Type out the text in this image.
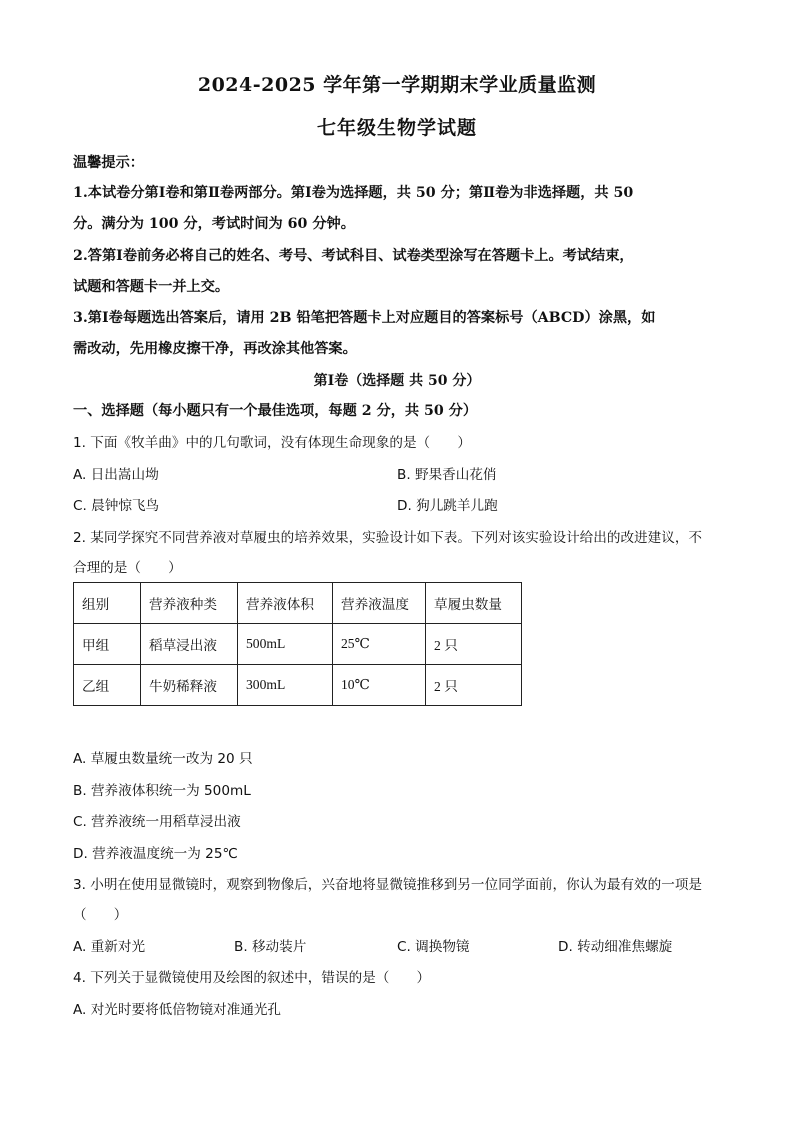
2024-2025 学年第一学期期末学业质量监测
七年级生物学试题
温馨提示：
1.本试卷分第Ⅰ卷和第Ⅱ卷两部分。第Ⅰ卷为选择题，共 50 分；第Ⅱ卷为非选择题，共 50
分。满分为 100 分，考试时间为 60 分钟。
2.答第Ⅰ卷前务必将自己的姓名、考号、考试科目、试卷类型涂写在答题卡上。考试结束，
试题和答题卡一并上交。
3.第Ⅰ卷每题选出答案后，请用 2B 铅笔把答题卡上对应题目的答案标号（ABCD）涂黑，如
需改动，先用橡皮擦干净，再改涂其他答案。
第Ⅰ卷（选择题 共 50 分）
一、选择题（每小题只有一个最佳选项，每题 2 分，共 50 分）
1. 下面《牧羊曲》中的几句歌词，没有体现生命现象的是（　　）
A. 日出嵩山坳	B. 野果香山花俏
C. 晨钟惊飞鸟	D. 狗儿跳羊儿跑
2. 某同学探究不同营养液对草履虫的培养效果，实验设计如下表。下列对该实验设计给出的改进建议，不
合理的是（　　）
组别	营养液种类	营养液体积	营养液温度	草履虫数量
甲组	稻草浸出液	500mL	25℃	2 只
乙组	牛奶稀释液	300mL	10℃	2 只
A. 草履虫数量统一改为 20 只
B. 营养液体积统一为 500mL
C. 营养液统一用稻草浸出液
D. 营养液温度统一为 25℃
3. 小明在使用显微镜时，观察到物像后，兴奋地将显微镜推移到另一位同学面前，你认为最有效的一项是
（　　）
A. 重新对光	B. 移动装片	C. 调换物镜	D. 转动细准焦螺旋
4. 下列关于显微镜使用及绘图的叙述中，错误的是（　　）
A. 对光时要将低倍物镜对准通光孔
